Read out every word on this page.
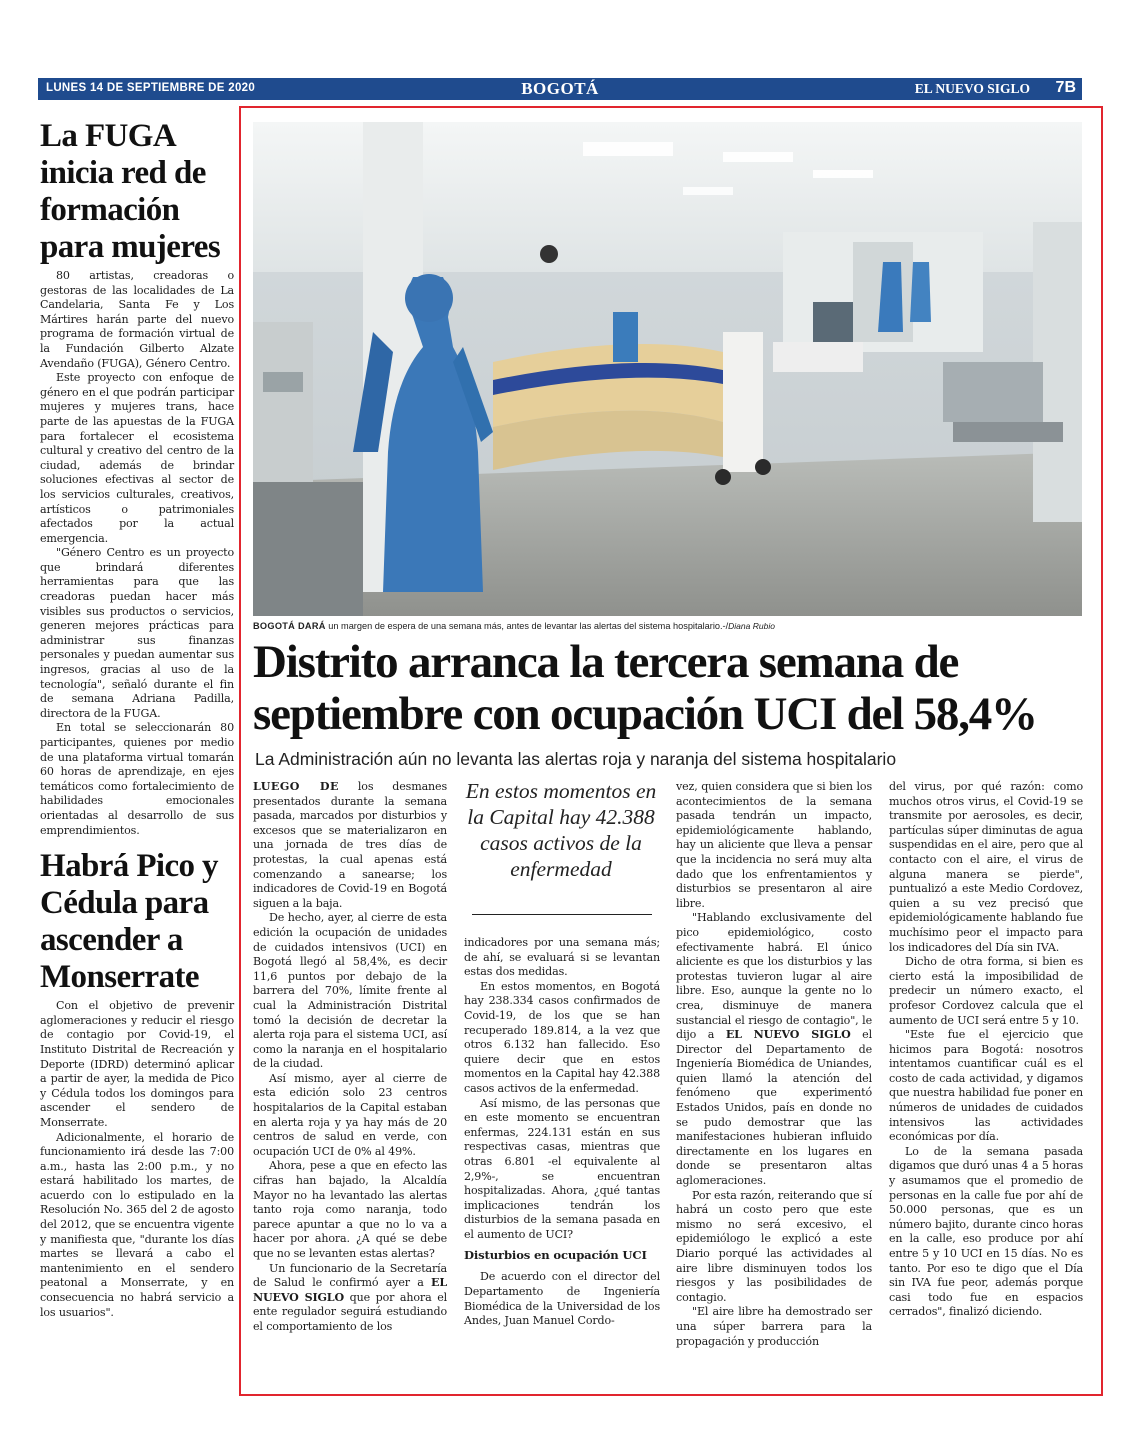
LUNES 14 DE SEPTIEMBRE DE 2020	BOGOTÁ	EL NUEVO SIGLO 7B
La FUGA inicia red de formación para mujeres

80 artistas, creadoras o gestoras de las localidades de La Candelaria, Santa Fe y Los Mártires harán parte del nuevo programa de formación virtual de la Fundación Gilberto Alzate Avendaño (FUGA), Género Centro.

Este proyecto con enfoque de género en el que podrán participar mujeres y mujeres trans, hace parte de las apuestas de la FUGA para fortalecer el ecosistema cultural y creativo del centro de la ciudad, además de brindar soluciones efectivas al sector de los servicios culturales, creativos, artísticos o patrimoniales afectados por la actual emergencia.

"Género Centro es un proyecto que brindará diferentes herramientas para que las creadoras puedan hacer más visibles sus productos o servicios, generen mejores prácticas para administrar sus finanzas personales y puedan aumentar sus ingresos, gracias al uso de la tecnología", señaló durante el fin de semana Adriana Padilla, directora de la FUGA.

En total se seleccionarán 80 participantes, quienes por medio de una plataforma virtual tomarán 60 horas de aprendizaje, en ejes temáticos como fortalecimiento de habilidades emocionales orientadas al desarrollo de sus emprendimientos.

Habrá Pico y Cédula para ascender a Monserrate

Con el objetivo de prevenir aglomeraciones y reducir el riesgo de contagio por Covid-19, el Instituto Distrital de Recreación y Deporte (IDRD) determinó aplicar a partir de ayer, la medida de Pico y Cédula todos los domingos para ascender el sendero de Monserrate.

Adicionalmente, el horario de funcionamiento irá desde las 7:00 a.m., hasta las 2:00 p.m., y no estará habilitado los martes, de acuerdo con lo estipulado en la Resolución No. 365 del 2 de agosto del 2012, que se encuentra vigente y manifiesta que, "durante los días martes se llevará a cabo el mantenimiento en el sendero peatonal a Monserrate, y en consecuencia no habrá servicio a los usuarios".

BOGOTÁ DARÁ un margen de espera de una semana más, antes de levantar las alertas del sistema hospitalario.-/Diana Rubio
Distrito arranca la tercera semana de
septiembre con ocupación UCI del 58,4%
La Administración aún no levanta las alertas roja y naranja del sistema hospitalario

LUEGO DE los desmanes presentados durante la semana pasada, marcados por disturbios y excesos que se materializaron en una jornada de tres días de protestas, la cual apenas está comenzando a sanearse; los indicadores de Covid-19 en Bogotá siguen a la baja.

De hecho, ayer, al cierre de esta edición la ocupación de unidades de cuidados intensivos (UCI) en Bogotá llegó al 58,4%, es decir 11,6 puntos por debajo de la barrera del 70%, límite frente al cual la Administración Distrital tomó la decisión de decretar la alerta roja para el sistema UCI, así como la naranja en el hospitalario de la ciudad.

Así mismo, ayer al cierre de esta edición solo 23 centros hospitalarios de la Capital estaban en alerta roja y ya hay más de 20 centros de salud en verde, con ocupación UCI de 0% al 49%.

Ahora, pese a que en efecto las cifras han bajado, la Alcaldía Mayor no ha levantado las alertas tanto roja como naranja, todo parece apuntar a que no lo va a hacer por ahora. ¿A qué se debe que no se levanten estas alertas?

Un funcionario de la Secretaría de Salud le confirmó ayer a EL NUEVO SIGLO que por ahora el ente regulador seguirá estudiando el comportamiento de los

En estos momentos en la Capital hay 42.388 casos activos de la enfermedad

indicadores por una semana más; de ahí, se evaluará si se levantan estas dos medidas.

En estos momentos, en Bogotá hay 238.334 casos confirmados de Covid-19, de los que se han recuperado 189.814, a la vez que otros 6.132 han fallecido. Eso quiere decir que en estos momentos en la Capital hay 42.388 casos activos de la enfermedad.

Así mismo, de las personas que en este momento se encuentran enfermas, 224.131 están en sus respectivas casas, mientras que otras 6.801 -el equivalente al 2,9%-, se encuentran hospitalizadas. Ahora, ¿qué tantas implicaciones tendrán los disturbios de la semana pasada en el aumento de UCI?

Disturbios en ocupación UCI

De acuerdo con el director del Departamento de Ingeniería Biomédica de la Universidad de los Andes, Juan Manuel Cordo-

vez, quien considera que si bien los acontecimientos de la semana pasada tendrán un impacto, epidemiológicamente hablando, hay un aliciente que lleva a pensar que la incidencia no será muy alta dado que los enfrentamientos y disturbios se presentaron al aire libre.

"Hablando exclusivamente del pico epidemiológico, costo efectivamente habrá. El único aliciente es que los disturbios y las protestas tuvieron lugar al aire libre. Eso, aunque la gente no lo crea, disminuye de manera sustancial el riesgo de contagio", le dijo a EL NUEVO SIGLO el Director del Departamento de Ingeniería Biomédica de Uniandes, quien llamó la atención del fenómeno que experimentó Estados Unidos, país en donde no se pudo demostrar que las manifestaciones hubieran influido directamente en los lugares en donde se presentaron altas aglomeraciones.

Por esta razón, reiterando que sí habrá un costo pero que este mismo no será excesivo, el epidemiólogo le explicó a este Diario porqué las actividades al aire libre disminuyen todos los riesgos y las posibilidades de contagio.

"El aire libre ha demostrado ser una súper barrera para la propagación y producción

del virus, por qué razón: como muchos otros virus, el Covid-19 se transmite por aerosoles, es decir, partículas súper diminutas de agua suspendidas en el aire, pero que al contacto con el aire, el virus de alguna manera se pierde", puntualizó a este Medio Cordovez, quien a su vez precisó que epidemiológicamente hablando fue muchísimo peor el impacto para los indicadores del Día sin IVA.

Dicho de otra forma, si bien es cierto está la imposibilidad de predecir un número exacto, el profesor Cordovez calcula que el aumento de UCI será entre 5 y 10.

"Este fue el ejercicio que hicimos para Bogotá: nosotros intentamos cuantificar cuál es el costo de cada actividad, y digamos que nuestra habilidad fue poner en números de unidades de cuidados intensivos las actividades económicas por día.

Lo de la semana pasada digamos que duró unas 4 a 5 horas y asumamos que el promedio de personas en la calle fue por ahí de 50.000 personas, que es un número bajito, durante cinco horas en la calle, eso produce por ahí entre 5 y 10 UCI en 15 días. No es tanto. Por eso te digo que el Día sin IVA fue peor, además porque casi todo fue en espacios cerrados", finalizó diciendo.
